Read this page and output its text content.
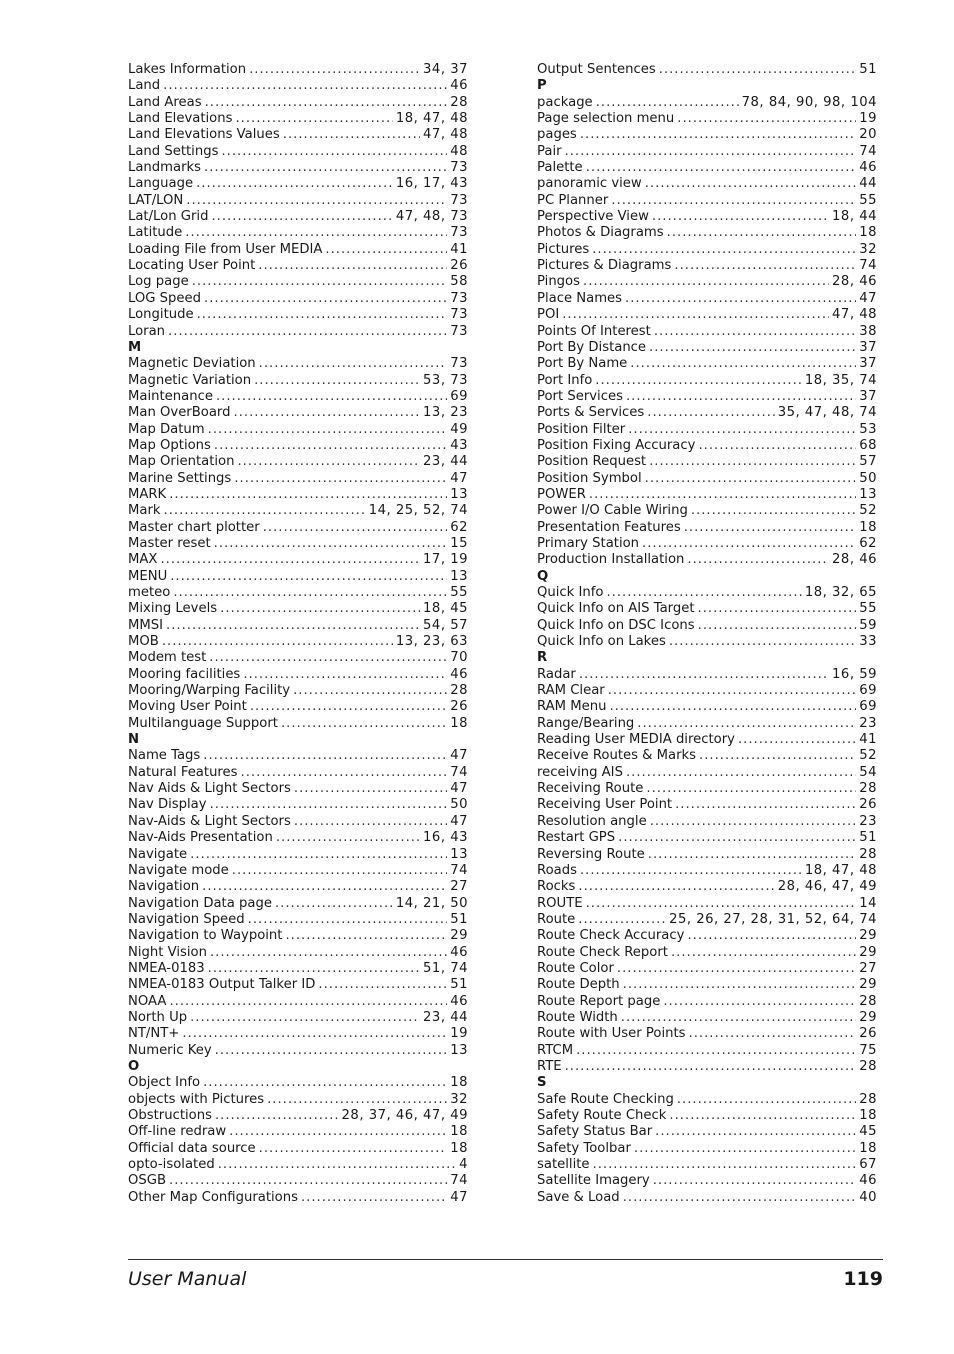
Lakes Information .....	34, 37
Land .....	46
Land Areas .....	28
Land Elevations .....	18, 47, 48
Land Elevations Values .....	47, 48
Land Settings .....	48
Landmarks .....	73
Language .....	16, 17, 43
LAT/LON .....	73
Lat/Lon Grid .....	47, 48, 73
Latitude .....	73
Loading File from User MEDIA .....	41
Locating User Point .....	26
Log page .....	58
LOG Speed .....	73
Longitude .....	73
Loran .....	73
M
Magnetic Deviation .....	73
Magnetic Variation .....	53, 73
Maintenance .....	69
Man OverBoard .....	13, 23
Map Datum .....	49
Map Options .....	43
Map Orientation .....	23, 44
Marine Settings .....	47
MARK .....	13
Mark .....	14, 25, 52, 74
Master chart plotter .....	62
Master reset .....	15
MAX .....	17, 19
MENU .....	13
meteo .....	55
Mixing Levels .....	18, 45
MMSI .....	54, 57
MOB .....	13, 23, 63
Modem test .....	70
Mooring facilities .....	46
Mooring/Warping Facility .....	28
Moving User Point .....	26
Multilanguage Support .....	18
N
Name Tags .....	47
Natural Features .....	74
Nav Aids & Light Sectors .....	47
Nav Display .....	50
Nav-Aids & Light Sectors .....	47
Nav-Aids Presentation .....	16, 43
Navigate .....	13
Navigate mode .....	74
Navigation .....	27
Navigation Data page .....	14, 21, 50
Navigation Speed .....	51
Navigation to Waypoint .....	29
Night Vision .....	46
NMEA-0183 .....	51, 74
NMEA-0183 Output Talker ID .....	51
NOAA .....	46
North Up .....	23, 44
NT/NT+ .....	19
Numeric Key .....	13
O
Object Info .....	18
objects with Pictures .....	32
Obstructions .....	28, 37, 46, 47, 49
Off-line redraw .....	18
Official data source .....	18
opto-isolated .....	4
OSGB .....	74
Other Map Configurations .....	47
Output Sentences .....	51
P
package .....	78, 84, 90, 98, 104
Page selection menu .....	19
pages .....	20
Pair .....	74
Palette .....	46
panoramic view .....	44
PC Planner .....	55
Perspective View .....	18, 44
Photos & Diagrams .....	18
Pictures .....	32
Pictures & Diagrams .....	74
Pingos .....	28, 46
Place Names .....	47
POI .....	47, 48
Points Of Interest .....	38
Port By Distance .....	37
Port By Name .....	37
Port Info .....	18, 35, 74
Port Services .....	37
Ports & Services .....	35, 47, 48, 74
Position Filter .....	53
Position Fixing Accuracy .....	68
Position Request .....	57
Position Symbol .....	50
POWER .....	13
Power I/O Cable Wiring .....	52
Presentation Features .....	18
Primary Station .....	62
Production Installation .....	28, 46
Q
Quick Info .....	18, 32, 65
Quick Info on AIS Target .....	55
Quick Info on DSC Icons .....	59
Quick Info on Lakes .....	33
R
Radar .....	16, 59
RAM Clear .....	69
RAM Menu .....	69
Range/Bearing .....	23
Reading User MEDIA directory .....	41
Receive Routes & Marks .....	52
receiving AIS .....	54
Receiving Route .....	28
Receiving User Point .....	26
Resolution angle .....	23
Restart GPS .....	51
Reversing Route .....	28
Roads .....	18, 47, 48
Rocks .....	28, 46, 47, 49
ROUTE .....	14
Route .....	25, 26, 27, 28, 31, 52, 64, 74
Route Check Accuracy .....	29
Route Check Report .....	29
Route Color .....	27
Route Depth .....	29
Route Report page .....	28
Route Width .....	29
Route with User Points .....	26
RTCM .....	75
RTE .....	28
S
Safe Route Checking .....	28
Safety Route Check .....	18
Safety Status Bar .....	45
Safety Toolbar .....	18
satellite .....	67
Satellite Imagery .....	46
Save & Load .....	40
User Manual	119
